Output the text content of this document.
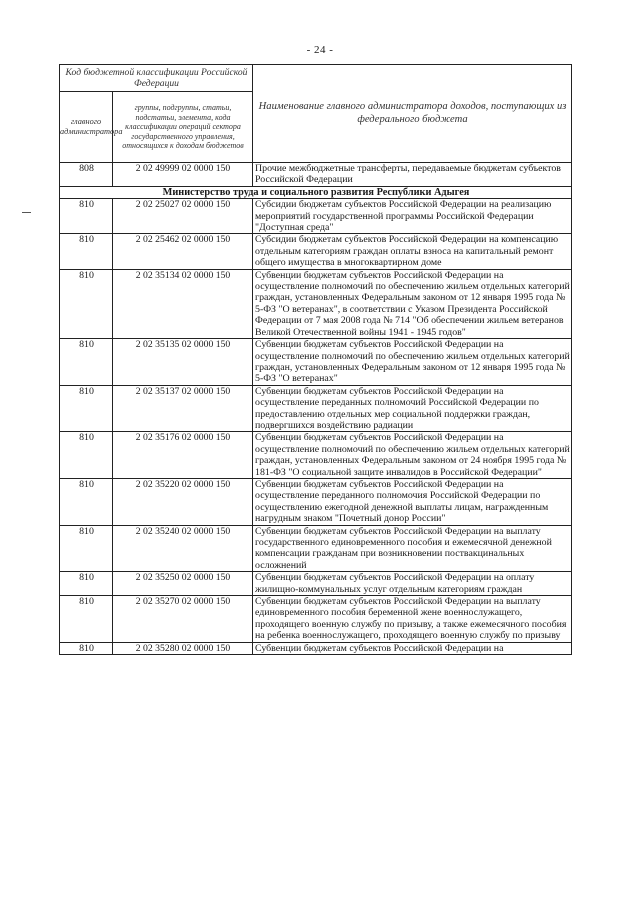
- 24 -
Код бюджетной классификации Российской Федерации		Наименование главного администратора доходов, поступающих из федерального бюджета
главного администратора	группы, подгруппы, статьи, подстатьи, элемента, кода классификации операций сектора государственного управления, относящихся к доходам бюджетов	
808	2 02 49999 02 0000 150	Прочие межбюджетные трансферты, передаваемые бюджетам субъектов Российской Федерации
Министерство труда и социального развития Республики Адыгея		
810	2 02 25027 02 0000 150	Субсидии бюджетам субъектов Российской Федерации на реализацию мероприятий государственной программы Российской Федерации "Доступная среда"
810	2 02 25462 02 0000 150	Субсидии бюджетам субъектов Российской Федерации на компенсацию отдельным категориям граждан оплаты взноса на капитальный ремонт общего имущества в многоквартирном доме
810	2 02 35134 02 0000 150	Субвенции бюджетам субъектов Российской Федерации на осуществление полномочий по обеспечению жильем отдельных категорий граждан, установленных Федеральным законом от 12 января 1995 года № 5-ФЗ "О ветеранах", в соответствии с Указом Президента Российской Федерации от 7 мая 2008 года № 714 "Об обеспечении жильем ветеранов Великой Отечественной войны 1941 - 1945 годов"
810	2 02 35135 02 0000 150	Субвенции бюджетам субъектов Российской Федерации на осуществление полномочий по обеспечению жильем отдельных категорий граждан, установленных Федеральным законом от 12 января 1995 года № 5-ФЗ "О ветеранах"
810	2 02 35137 02 0000 150	Субвенции бюджетам субъектов Российской Федерации на осуществление переданных полномочий Российской Федерации по предоставлению отдельных мер социальной поддержки граждан, подвергшихся воздействию радиации
810	2 02 35176 02 0000 150	Субвенции бюджетам субъектов Российской Федерации на осуществление полномочий по обеспечению жильем отдельных категорий граждан, установленных Федеральным законом от 24 ноября 1995 года № 181-ФЗ "О социальной защите инвалидов в Российской Федерации"
810	2 02 35220 02 0000 150	Субвенции бюджетам субъектов Российской Федерации на осуществление переданного полномочия Российской Федерации по осуществлению ежегодной денежной выплаты лицам, награжденным нагрудным знаком "Почетный донор России"
810	2 02 35240 02 0000 150	Субвенции бюджетам субъектов Российской Федерации на выплату государственного единовременного пособия и ежемесячной денежной компенсации гражданам при возникновении поствакцинальных осложнений
810	2 02 35250 02 0000 150	Субвенции бюджетам субъектов Российской Федерации на оплату жилищно-коммунальных услуг отдельным категориям граждан
810	2 02 35270 02 0000 150	Субвенции бюджетам субъектов Российской Федерации на выплату единовременного пособия беременной жене военнослужащего, проходящего военную службу по призыву, а также ежемесячного пособия на ребенка военнослужащего, проходящего военную службу по призыву
810	2 02 35280 02 0000 150	Субвенции бюджетам субъектов Российской Федерации на
